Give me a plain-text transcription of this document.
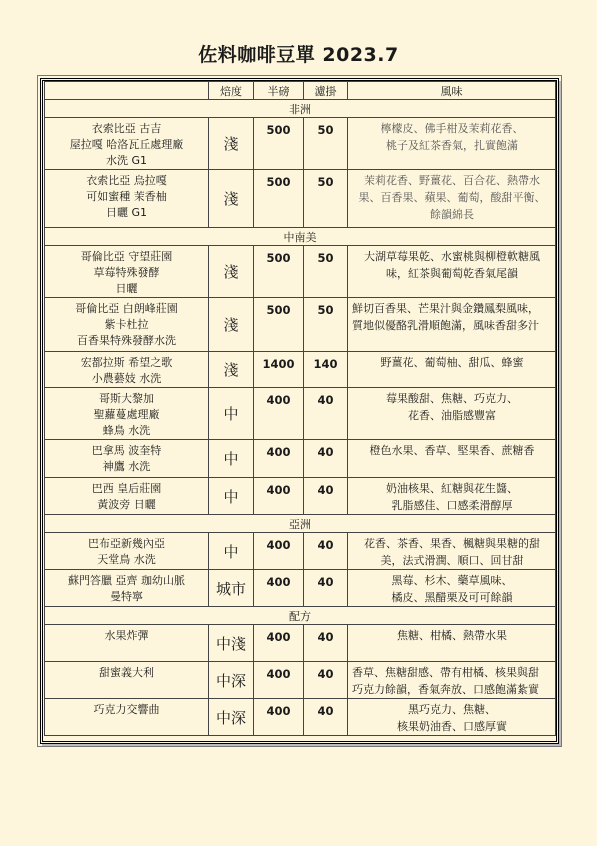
佐料咖啡豆單 2023.7
	焙度	半磅	濾掛	風味
非洲				

衣索比亞 古吉
屋拉嘎 哈洛瓦丘處理廠
水洗 G1	淺	500	50	檸檬皮、佛手柑及茉莉花香、
桃子及紅茶香氣，扎實飽滿

衣索比亞 烏拉嘎
可如蜜種 茉香柚
日曬 G1	淺	500	50	茉莉花香、野薑花、百合花、熱帶水
果、百香果、蘋果、葡萄，酸甜平衡、
餘韻綿長

中南美				

哥倫比亞 守望莊園
草莓特殊發酵
日曬	淺	500	50	大湖草莓果乾、水蜜桃與柳橙軟糖風
味，紅茶與葡萄乾香氣尾韻

哥倫比亞 白朗峰莊園
紫卡杜拉
百香果特殊發酵水洗	淺	500	50	鮮切百香果、芒果汁與金鑽鳳梨風味，
質地似優酪乳滑順飽滿，風味香甜多汁

宏都拉斯 希望之歌
小農藝妓 水洗	淺	1400	140	野薑花、葡萄柚、甜瓜、蜂蜜

哥斯大黎加
聖蘿蔓處理廠
蜂鳥 水洗	中	400	40	莓果酸甜、焦糖、巧克力、
花香、油脂感豐富

巴拿馬 波奎特
神鷹 水洗	中	400	40	橙色水果、香草、堅果香、蔗糖香

巴西 皇后莊園
黃波旁 日曬	中	400	40	奶油核果、紅糖與花生醬、
乳脂感佳、口感柔滑醇厚

亞洲				

巴布亞新幾內亞
天堂鳥 水洗	中	400	40	花香、茶香、果香、楓糖與果糖的甜
美，法式滑潤、順口、回甘甜

蘇門答臘 亞齊 珈幼山脈
曼特寧	城市	400	40	黑莓、杉木、藥草風味、
橘皮、黑醋栗及可可餘韻

配方				

水果炸彈	中淺	400	40	焦糖、柑橘、熱帶水果

甜蜜義大利	中深	400	40	香草、焦糖甜感、帶有柑橘、核果與甜
巧克力餘韻，香氣奔放、口感飽滿紮實

巧克力交響曲	中深	400	40	黑巧克力、焦糖、
核果奶油香、口感厚實
